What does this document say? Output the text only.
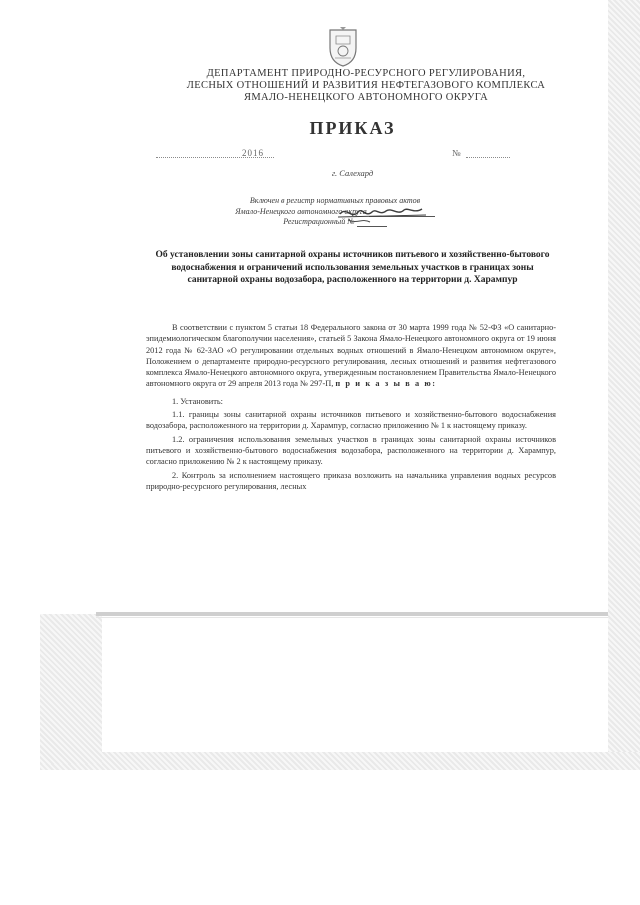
ДЕПАРТАМЕНТ ПРИРОДНО-РЕСУРСНОГО РЕГУЛИРОВАНИЯ,
ЛЕСНЫХ ОТНОШЕНИЙ И РАЗВИТИЯ НЕФТЕГАЗОВОГО КОМПЛЕКСА
ЯМАЛО-НЕНЕЦКОГО АВТОНОМНОГО ОКРУГА
ПРИКАЗ
2016	№
г. Салехард
Включен в регистр нормативных правовых актов
Ямало-Ненецкого автономного округа
Регистрационный №
Об установлении зоны санитарной охраны источников питьевого и хозяйственно-бытового водоснабжения и ограничений использования земельных участков в границах зоны санитарной охраны водозабора, расположенного на территории д. Харампур

В соответствии с пунктом 5 статьи 18 Федерального закона от 30 марта 1999 года № 52-ФЗ «О санитарно-эпидемиологическом благополучии населения», статьей 5 Закона Ямало-Ненецкого автономного округа от 19 июня 2012 года № 62-ЗАО «О регулировании отдельных водных отношений в Ямало-Ненецком автономном округе», Положением о департаменте природно-ресурсного регулирования, лесных отношений и развития нефтегазового комплекса Ямало-Ненецкого автономного округа, утвержденным постановлением Правительства Ямало-Ненецкого автономного округа от 29 апреля 2013 года № 297-П, п р и к а з ы в а ю:

1. Установить:

1.1. границы зоны санитарной охраны источников питьевого и хозяйственно-бытового водоснабжения водозабора, расположенного на территории д. Харампур, согласно приложению № 1 к настоящему приказу.

1.2. ограничения использования земельных участков в границах зоны санитарной охраны источников питьевого и хозяйственно-бытового водоснабжения водозабора, расположенного на территории д. Харампур, согласно приложению № 2 к настоящему приказу.

2. Контроль за исполнением настоящего приказа возложить на начальника управления водных ресурсов природно-ресурсного регулирования, лесных
